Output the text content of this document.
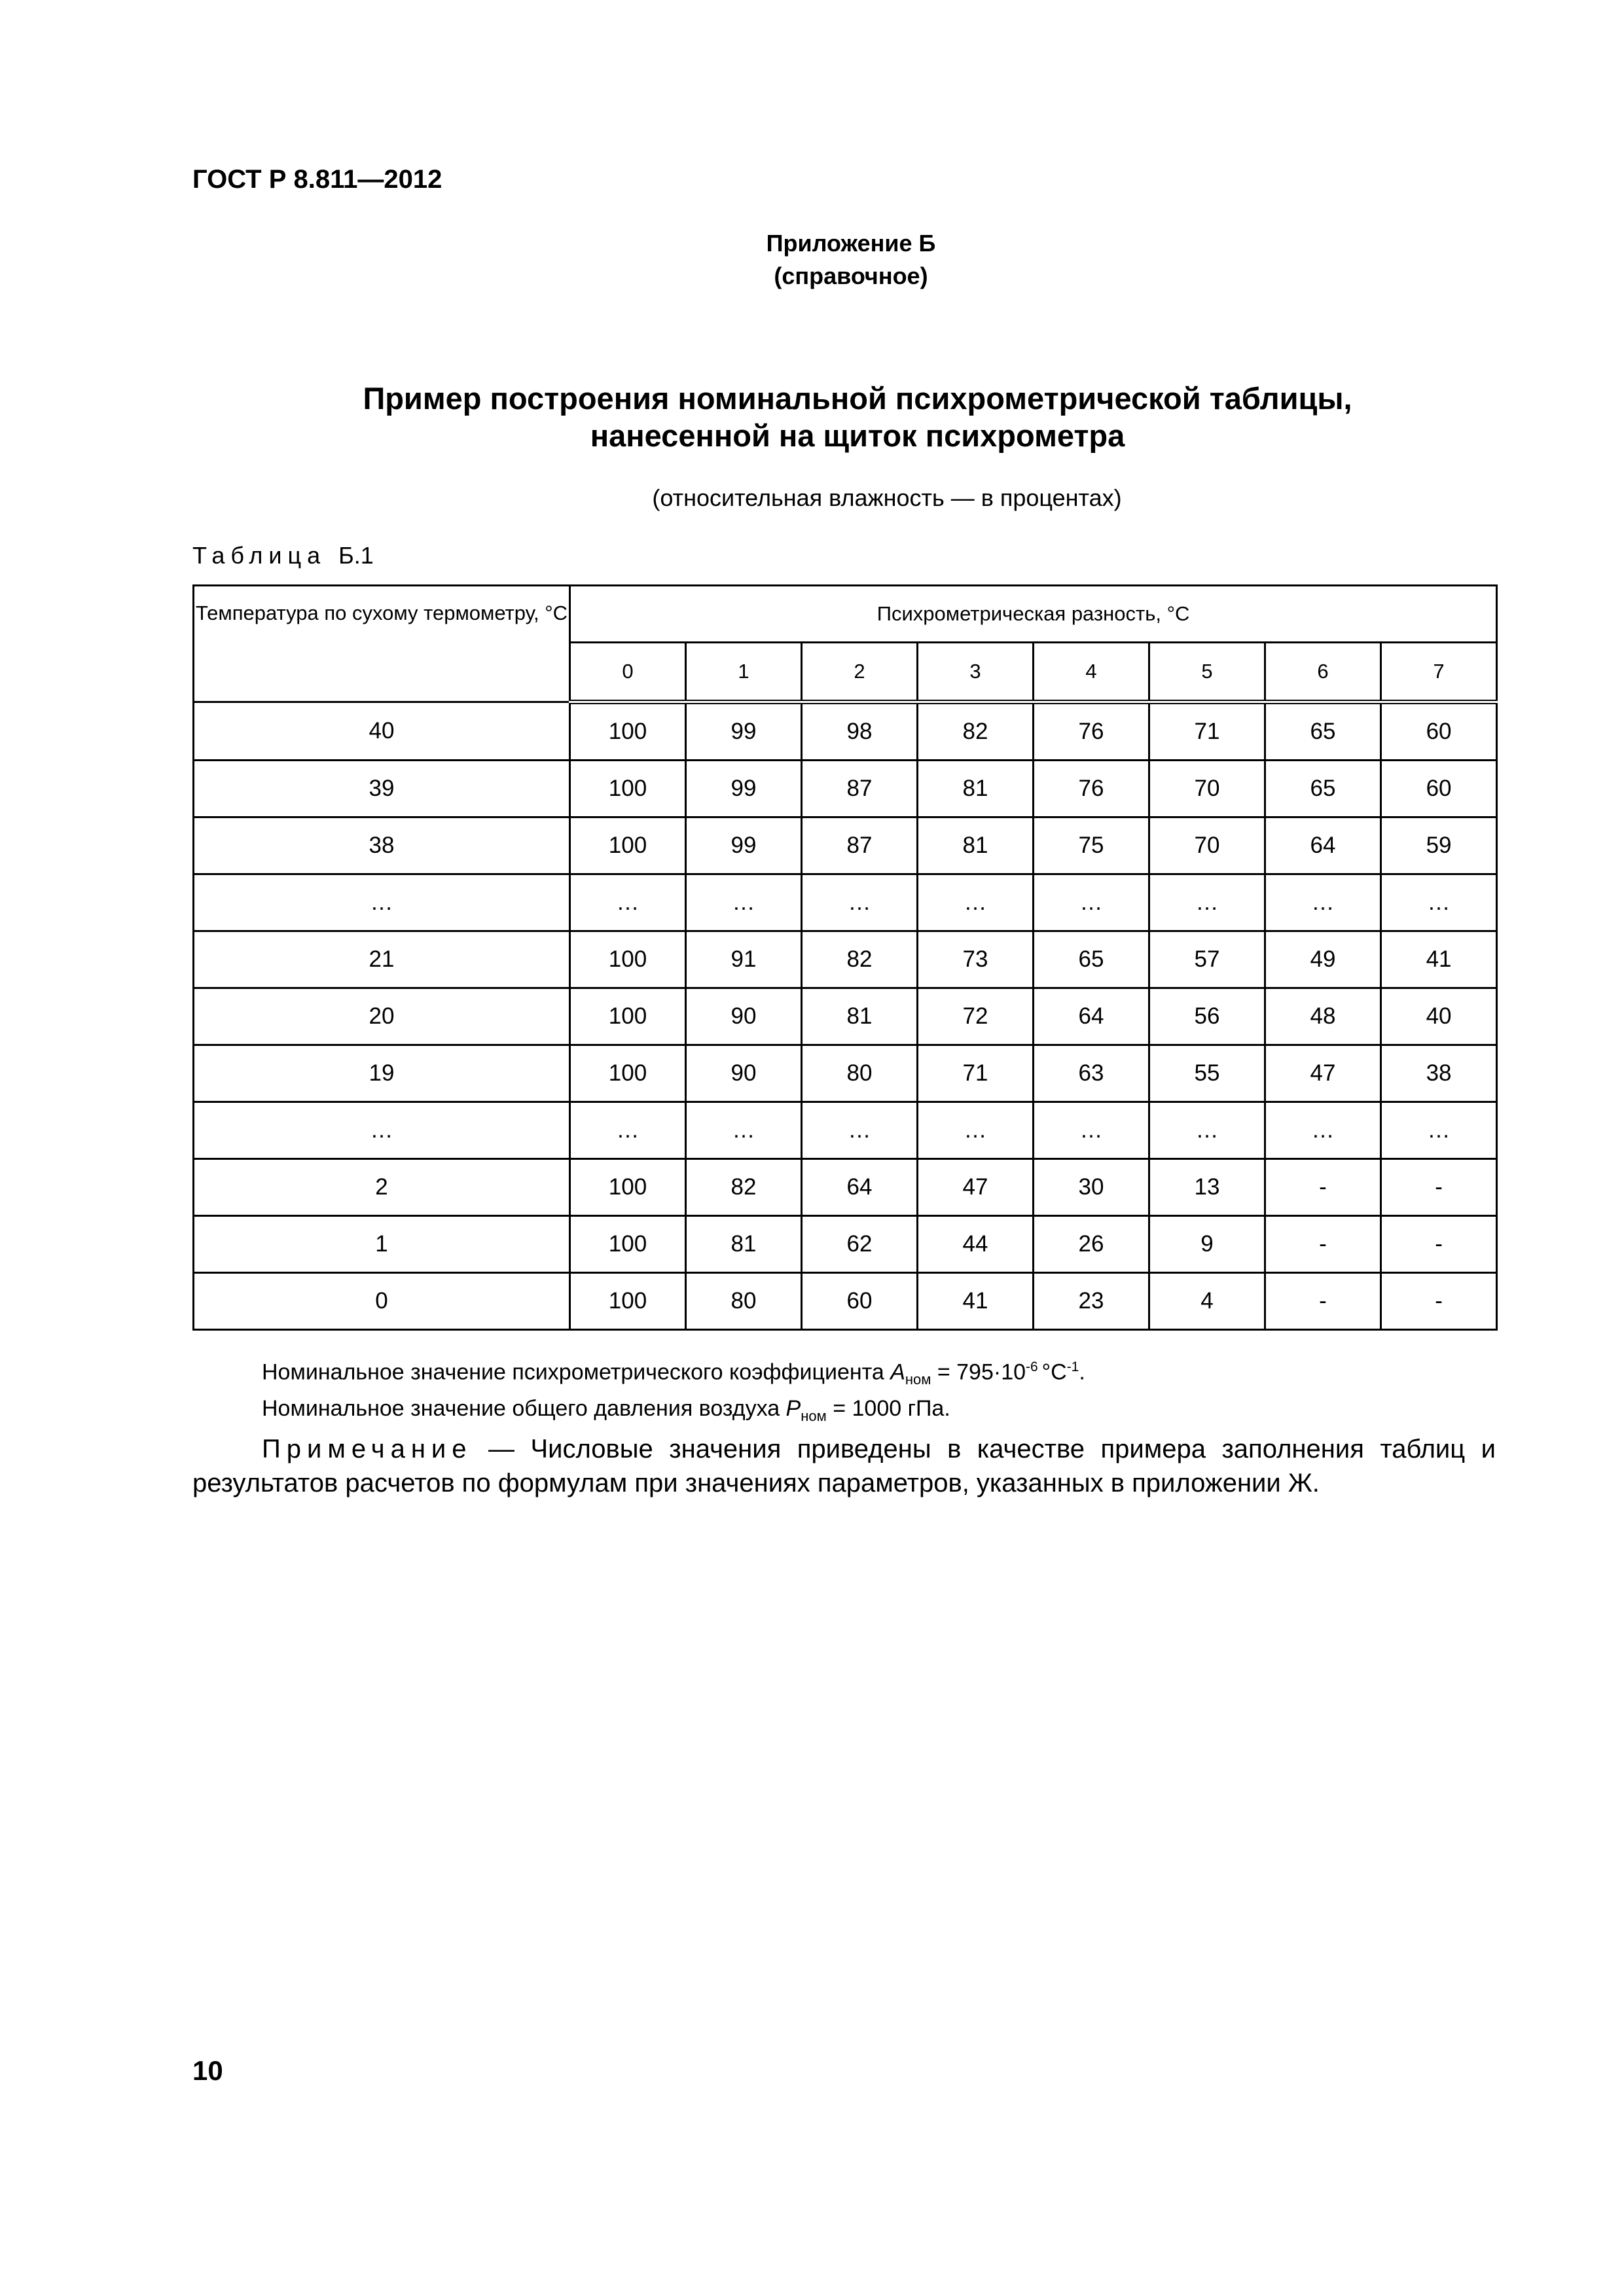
ГОСТ Р 8.811—2012
Приложение Б
(справочное)
Пример построения номинальной психрометрической таблицы,
нанесенной на щиток психрометра
(относительная влажность — в процентах)
Таблица Б.1
Температура по сухому термометру, °С	Психрометрическая разность, °С							
	0	1	2	3	4	5	6	7
40	100	99	98	82	76	71	65	60
39	100	99	87	81	76	70	65	60
38	100	99	87	81	75	70	64	59
…	…	…	…	…	…	…	…	…
21	100	91	82	73	65	57	49	41
20	100	90	81	72	64	56	48	40
19	100	90	80	71	63	55	47	38
…	…	…	…	…	…	…	…	…
2	100	82	64	47	30	13	-	-
1	100	81	62	44	26	9	-	-
0	100	80	60	41	23	4	-	-
Номинальное значение психрометрического коэффициента $A_{ном} = 795\cdot 10^{-6}$ $^\circ С^{-1}$.
Номинальное значение общего давления воздуха $P_{ном} = 1000$ гПа.
Примечание — Числовые значения приведены в качестве примера заполнения таблиц и результатов расчетов по формулам при значениях параметров, указанных в приложении Ж.
10
